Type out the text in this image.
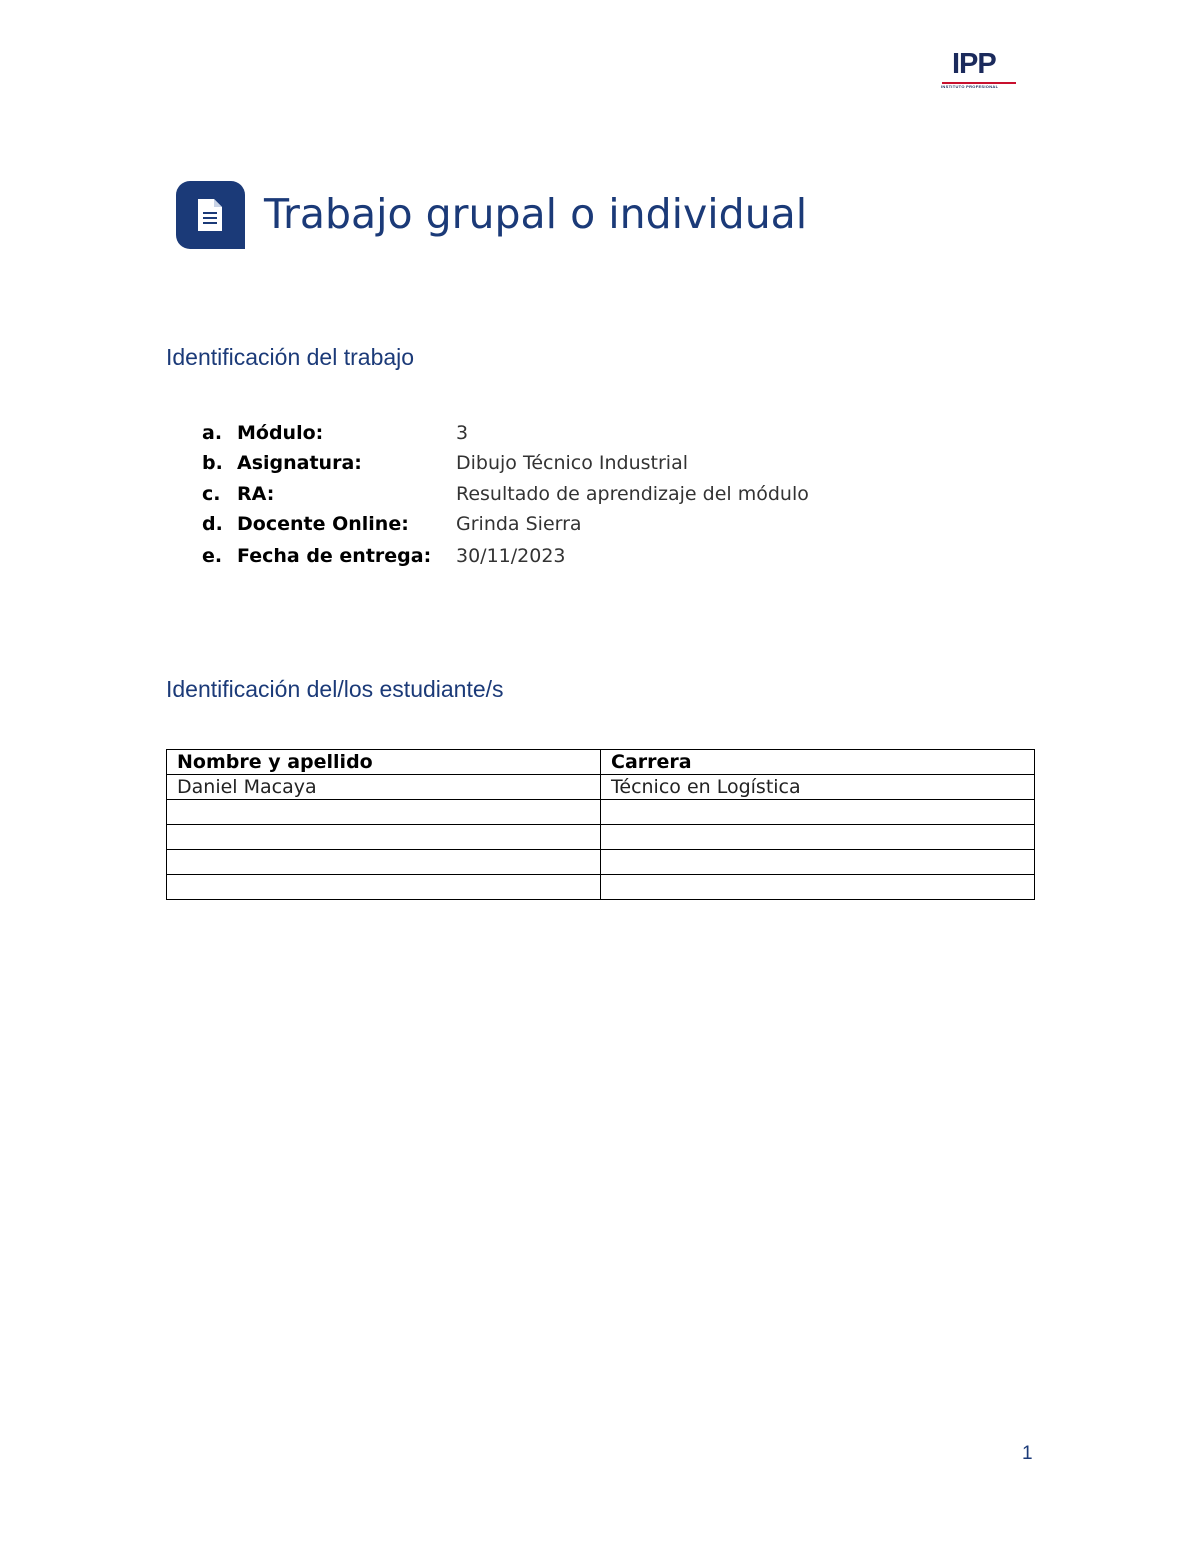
IPP
INSTITUTO PROFESIONAL
Trabajo grupal o individual
Identificación del trabajo
a. Módulo:	3
b. Asignatura:	Dibujo Técnico Industrial
c. RA:	Resultado de aprendizaje del módulo
d. Docente Online: Grinda Sierra
e. Fecha de entrega: 30/11/2023
Identificación del/los estudiante/s
Nombre y apellido	Carrera
Daniel Macaya	Técnico en Logística

1
